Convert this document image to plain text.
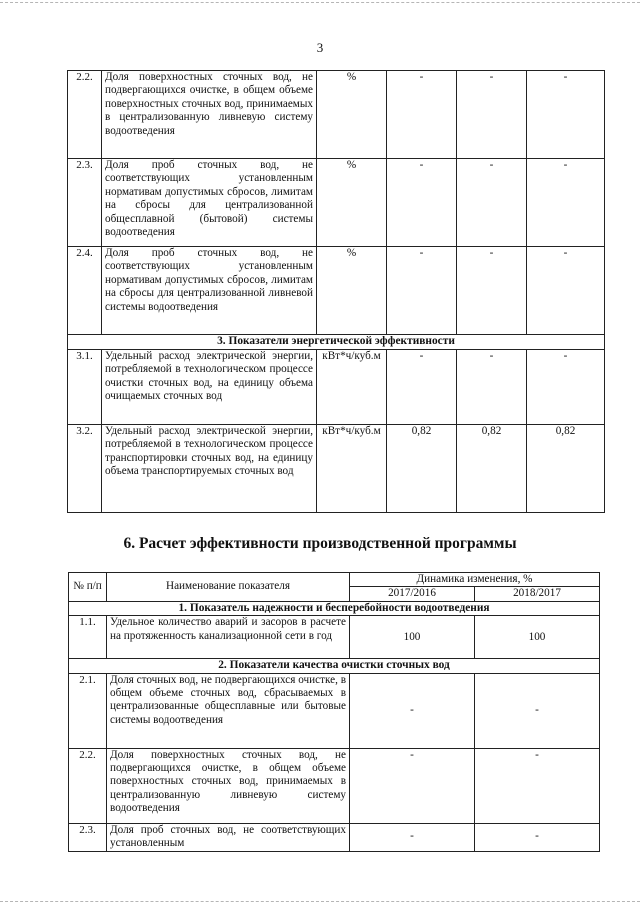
3
2.2.	Доля поверхностных сточных вод, не подвергающихся очистке, в общем объеме поверхностных сточных вод, принимаемых в централизованную ливневую систему водоотведения	%	-	-	-
2.3.	Доля проб сточных вод, не соответствующих установленным нормативам допустимых сбросов, лимитам на сбросы для централизованной общесплавной (бытовой) системы водоотведения	%	-	-	-
2.4.	Доля проб сточных вод, не соответствующих установленным нормативам допустимых сбросов, лимитам на сбросы для централизованной ливневой системы водоотведения	%	-	-	-
3. Показатели энергетической эффективности					
3.1.	Удельный расход электрической энергии, потребляемой в технологическом процессе очистки сточных вод, на единицу объема очищаемых сточных вод	кВт*ч/куб.м	-	-	-
3.2.	Удельный расход электрической энергии, потребляемой в технологическом процессе транспортировки сточных вод, на единицу объема транспортируемых сточных вод	кВт*ч/куб.м	0,82	0,82	0,82
6. Расчет эффективности производственной программы
№ п/п	Наименование показателя	Динамика изменения, %	
		2017/2016	2018/2017
1. Показатель надежности и бесперебойности водоотведения			
1.1.	Удельное количество аварий и засоров в расчете на протяженность канализационной сети в год	100	100
2. Показатели качества очистки сточных вод			
2.1.	Доля сточных вод, не подвергающихся очистке, в общем объеме сточных вод, сбрасываемых в централизованные общесплавные или бытовые системы водоотведения	-	-
2.2.	Доля поверхностных сточных вод, не подвергающихся очистке, в общем объеме поверхностных сточных вод, принимаемых в централизованную ливневую систему водоотведения	-	-
2.3.	Доля проб сточных вод, не соответствующих установленным	-	-
